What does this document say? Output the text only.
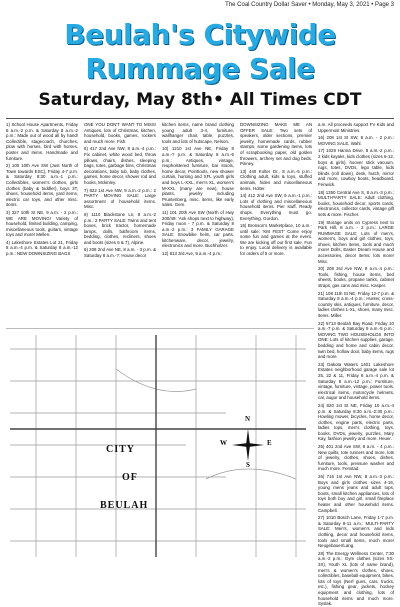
The Coal Country Dollar Saver • Monday, May 3, 2021 • Page 3
Beulah's Citywide
Rummage Sale
Saturday, May 8th• All Times CDT

1) School House Apartments, Friday 8 a.m.-2 p.m. & Saturday 8 a.m.-2 p.m.: Made out of wood all by hand! Collectible, stagecoach, churches, plow with horses, bird with horses, poster and items. Handmade and furniture.

2) 100 10th Ave SW (Just North of Town towards ESC), Friday 4-7 p.m. & Saturday 8:30 a.m.-1 p.m.: Collectibles, women's clothes, girls clothes (baby & toddler), boys 3T, shoes, household items, yard items, electric car toys, and other misc. items.

3) 327 10th St NE, 9 a.m. - 2 p.m.: WE ARE MOVING! Variety of household, limited building, camping, miscellaneous tools, guitars, vintage toys and more! Mellen.

4) Lakeshore Estates Lot 21, Friday 8 a.m.-4 p.m. & Saturday 8 a.m.-12 p.m.: NEW DOWNSIZING BAGS

ONE YOU DON'T WANT TO MISS! Antiques, lots of Christmas, kitchen, household, books, games, rockers and much more. Fish.

6) 417 2nd Ave NW, 8 a.m.-4 p.m.: Fix cabinet, white wood bed, throw pillows, chairs, dishes, sleeping bags, totes, garbage bins, Christmas decorations, baby tub, baby clothes, games, home decor, shower rod and hooks, Mckinley.

7) 822 1st Ave NW, 9 a.m.-2 p.m.: 2 PARTY MOVING SALE: Large assortment of household items. Misc.

8) 1110 Blackstone Ln, 8 a.m.-2 p.m.: 2 PARTY SALE: Twins and tent boxes, brick tractor, homemade lamps, dolls, bathroom items, bedding, clothes, recliners, shoes and boots (sizes 6 & 7), Alpine.

9) 208 2nd Ave NE, 8 a.m. - 3 p.m. & Saturday 8 a.m.-?: House decor

kitchen items, name brand clothing young adult 3-4, furniture, wallhanger chair, table, puzzles, tools and lots of hutscape, Nelson.

10) 1210 1st Ave NE, Friday 8 a.m.-? p.m. & Saturday 8 a.m.-5 p.m.: Antiques, vintage, reupholstered furniture, bar stools, home decor, Pointtools, new shower curtain, hunting and XFL youth girls and boys L-XXL, men's XL, women's M-XXL (many are new), house plants, jewelry including Pruntenberg, misc. items, like early sales. Gem.

11) 101 20th Ave SW (North of Hwy 200/49: 'Ask shops next to highway), Friday noon - 7 p.m. & Saturday 8 a.m.-2 p.m.: 3 FAMILY GARAGE SALE: Snowbike helm, car parts, kitchenware, decor, jewelry, electronics and more. Buchholzer.

12) 813 3rd Ave, 9 a.m.-4 p.m.:

DOWNSIZING MAKE ME AN OFFER SALE: Two sets of speakers, older sections, premier jewelry, homemade cards, rubber stamps, some gardening items, lots of scrapbooking paper, old golden throwers, archery set and dog beds. Pinney.

13) 440 Kolter Dr., 8 a.m.-5 p.m.: Clothing adult, kids & toys, stuffed animals, hides and miscellaneous items. Holter.

14) 412 2nd Ave SW, 9 a.m.-1 p.m.: Lots of clothing and miscellaneous household items. Pier stuff. Ready shops. Everything must go. Everything. Gordon.

15) Bronson's Marketplace, 10 a.m.-until sale: 'KM FEST' Come enjoy some fun and games at the event. We are kicking off our first sale. Fun to enjoy. Local delivery is available for orders of 5 or more.

a.m. All proceeds support FV Kids and Uppermost Ministries.

16) 208 1st St SW, 8 a.m. - 2 p.m.: MOVING SALE, Wahl.

17) 1029 Hanna Drive, 8 a.m.-2 p.m.: 2 kids kayaks, kids clothes (sizes 6-12, boys & girls), hoover stick vacuum, rugs, totes, DVDs, lego table, kids blinds (roll down), desk, hutch, mirror and more, cowboy boots, headboard, Fenwick.

18) 1350 Central Ave S, 8 a.m.-3 p.m.: MULTI-PARTY SALE: Adult clothing, books, household decor, sports cards, electronics, collector cards, vintage gift sets & more. Fischer.

19) Storage units on Cypress next to Park Hill, 8 a.m. - 2 p.m.: LARGE RUMMAGE SALE: Lots of men's, women's, boys and girl clothes, toys, shoes, kitchen items, tools and much more! Dolls, Easter Dream House and accessories, decor items, lots more! Misc.

20) 208 3rd Ave NW, 8 a.m.-4 p.m.: Tools, fishing, house items, bed sheets, books, propane tanks, cabinet straps, gas cans and misc. Kasper.

21) 108 11th St NE, Friday 12-7 p.m. & Saturday 8 a.m.-4 p.m.: Hunter, cross-country skis, antiques, furniture, decor, ladies clothes L-XL, shoes, many misc. items. Miller.

22) 5713 Beulah Bay Road, Friday 10 a.m.-7 p.m. & Saturday 9 a.m.-5 p.m.: MOVING TWO HOUSEHOLDS INTO ONE: Lots of kitchen supplies, garage, bedding and home and cabin decor, twin bed, hollow door, baby items, rugs and more.

23) Dakota Waters 1401 Lakeshore Estates neighborhood garage sale lot 25, 22 & 11, Friday 8 a.m.-4 p.m. & Saturday 8 a.m.-12 p.m.: Furniture, vintage, furniture, vintage, power tools, electrical items, motorcycle helmets, car, augur and household items.

24) 820 1st St NE, Friday 10 a.m.-4 p.m. & Saturday 8:30 a.m.-2:30 p.m.: Howling mower, bicycles, home decor, clothes, engine parts, electric parts, ladies tops, men's clothing, toys, books, DVDs, jewelry, puzzles, Mary Kay, fashion jewelry and more. Heuer.

25) 401 2nd Ave SW, 8 a.m. - 4 p.m.: New quilts, tote runners and more, lots of jewelry, clothes, shoes, dishes, furniture, tools, pressure washer and much more. Fenstad.

26) 716 1st Ave NW, 8 a.m.-3 p.m.: Boys and girls clothes sizes 4-16, young mens jeans and adult tops, boots, small kitchen appliances, lots of toys both boy and girl, small fireplace heater and other household items. Campbell.

27) 1010 Bosch Lane, Friday 1-7 p.m. & Saturday 8-11 a.m.: MULTI-PARTY SALE: Men's, women's and kids clothing, decor and household items, tools and small items, much more! Neugebauer/Lang.

28) The Energy Wellness Center, 7:30 a.m.-2 p.m.: Gym clothes (sizes XS-3X), Youth XL (lots of name brand), men's & women's clothes, shoes, collectibles, baseball equipment, bikes, lots of toys (Nerf guns, cars, trucks, etc.), fishing gear, jackets, hockey equipment and clothing, lots of household items and much more. Syslak.

CITY
OF
BEULAH
N
S
E
W
